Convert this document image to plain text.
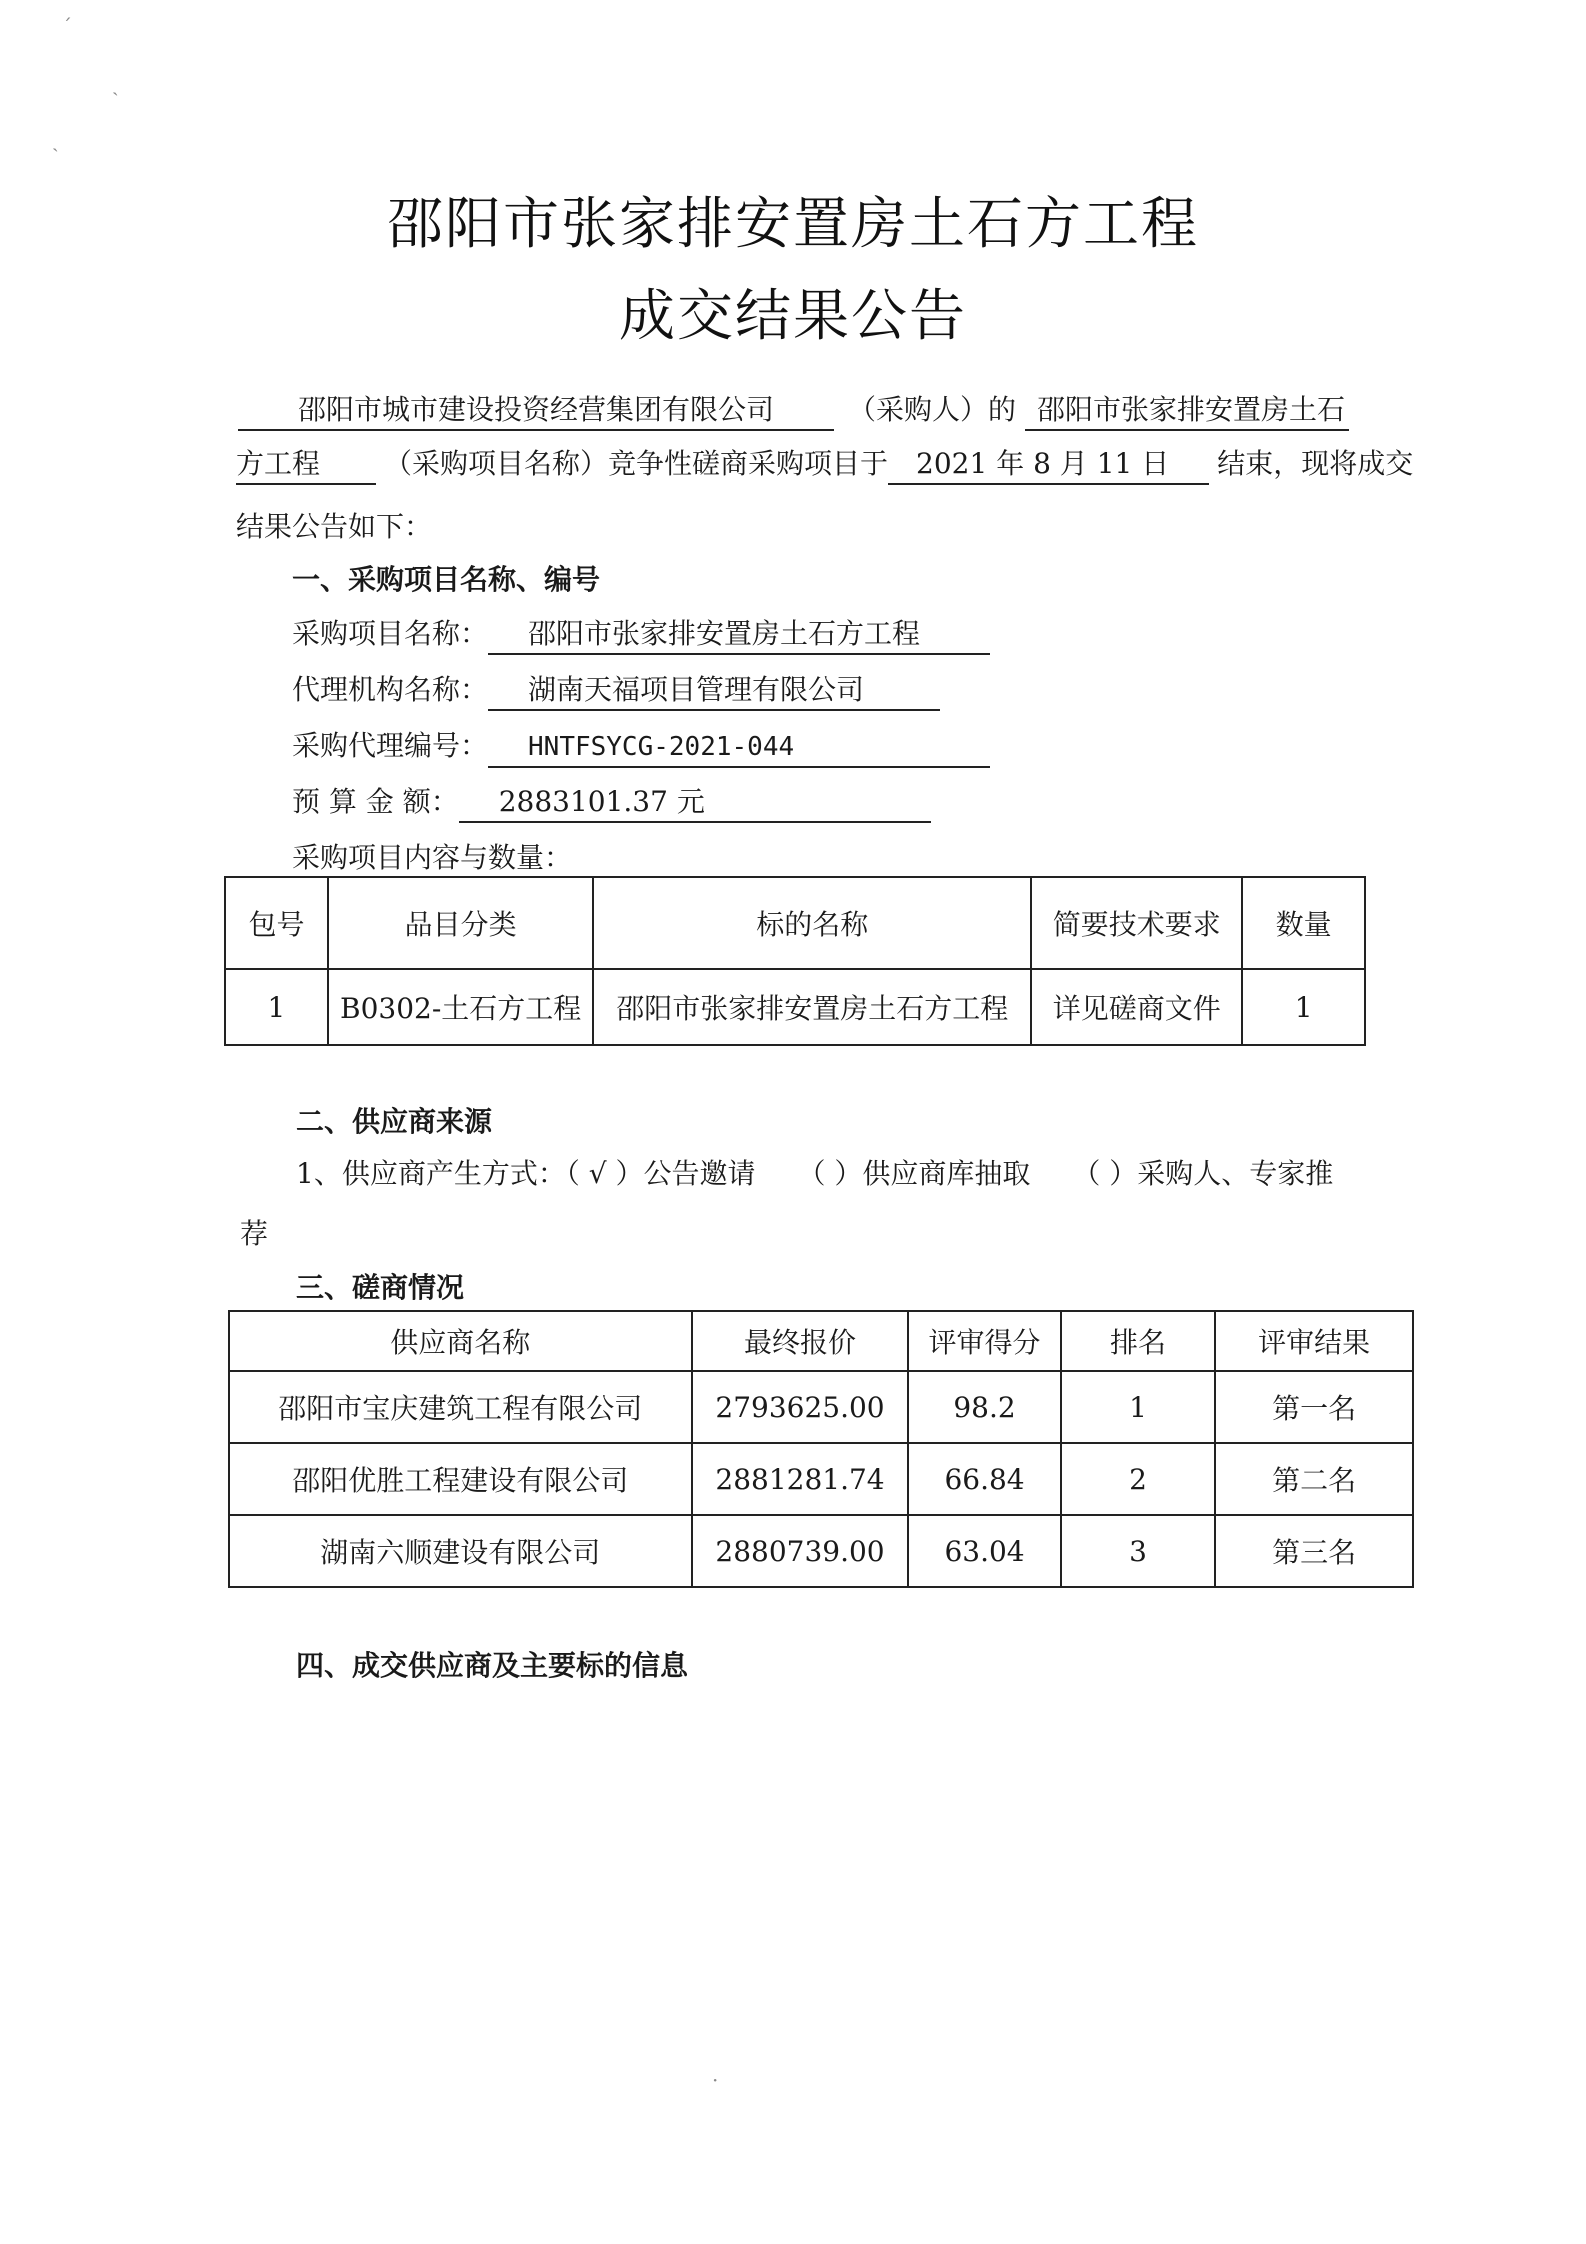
ˊ
ˎ
ˏ
邵阳市张家排安置房土石方工程
成交结果公告
邵阳市城市建设投资经营集团有限公司	（采购人）的 邵阳市张家排安置房土石
方工程 （采购项目名称）竞争性磋商采购项目于 2021 年 8 月 11 日 结束，现将成交
结果公告如下：
一、采购项目名称、编号
采购项目名称： 邵阳市张家排安置房土石方工程
代理机构名称： 湖南天福项目管理有限公司
采购代理编号： HNTFSYCG-2021-044
预 算 金 额： 2883101.37 元
采购项目内容与数量：
包号	品目分类	标的名称	简要技术要求	数量
1	B0302-土石方工程	邵阳市张家排安置房土石方工程	详见磋商文件	1
二、供应商来源
1、供应商产生方式：（ √ ）公告邀请　　（ ）供应商库抽取　　（ ）采购人、专家推
荐
三、磋商情况
供应商名称	最终报价	评审得分	排名	评审结果
邵阳市宝庆建筑工程有限公司	2793625.00	98.2	1	第一名
邵阳优胜工程建设有限公司	2881281.74	66.84	2	第二名
湖南六顺建设有限公司	2880739.00	63.04	3	第三名
四、成交供应商及主要标的信息
·
